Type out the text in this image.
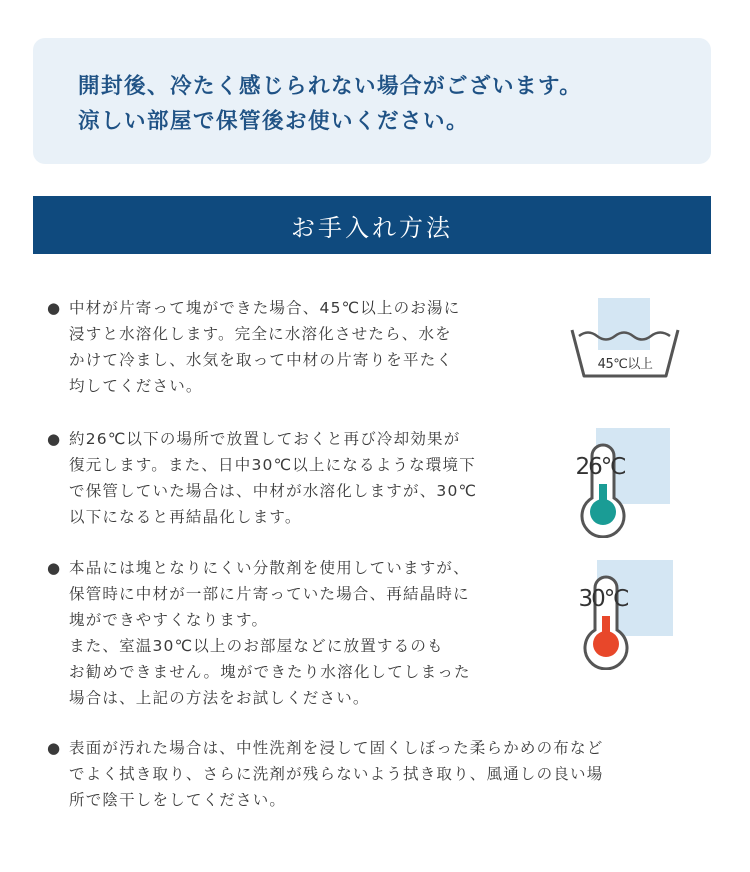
開封後、冷たく感じられない場合がございます。

涼しい部屋で保管後お使いください。

お手入れ方法

● 中材が片寄って塊ができた場合、45℃以上のお湯に

浸すと水溶化します。完全に水溶化させたら、水を

かけて冷まし、水気を取って中材の片寄りを平たく

均してください。

45℃以上

● 約26℃以下の場所で放置しておくと再び冷却効果が

復元します。また、日中30℃以上になるような環境下

で保管していた場合は、中材が水溶化しますが、30℃

以下になると再結晶化します。

26℃

● 本品には塊となりにくい分散剤を使用していますが、

保管時に中材が一部に片寄っていた場合、再結晶時に

塊ができやすくなります。

また、室温30℃以上のお部屋などに放置するのも

お勧めできません。塊ができたり水溶化してしまった

場合は、上記の方法をお試しください。

30℃

● 表面が汚れた場合は、中性洗剤を浸して固くしぼった柔らかめの布など

でよく拭き取り、さらに洗剤が残らないよう拭き取り、風通しの良い場

所で陰干しをしてください。
